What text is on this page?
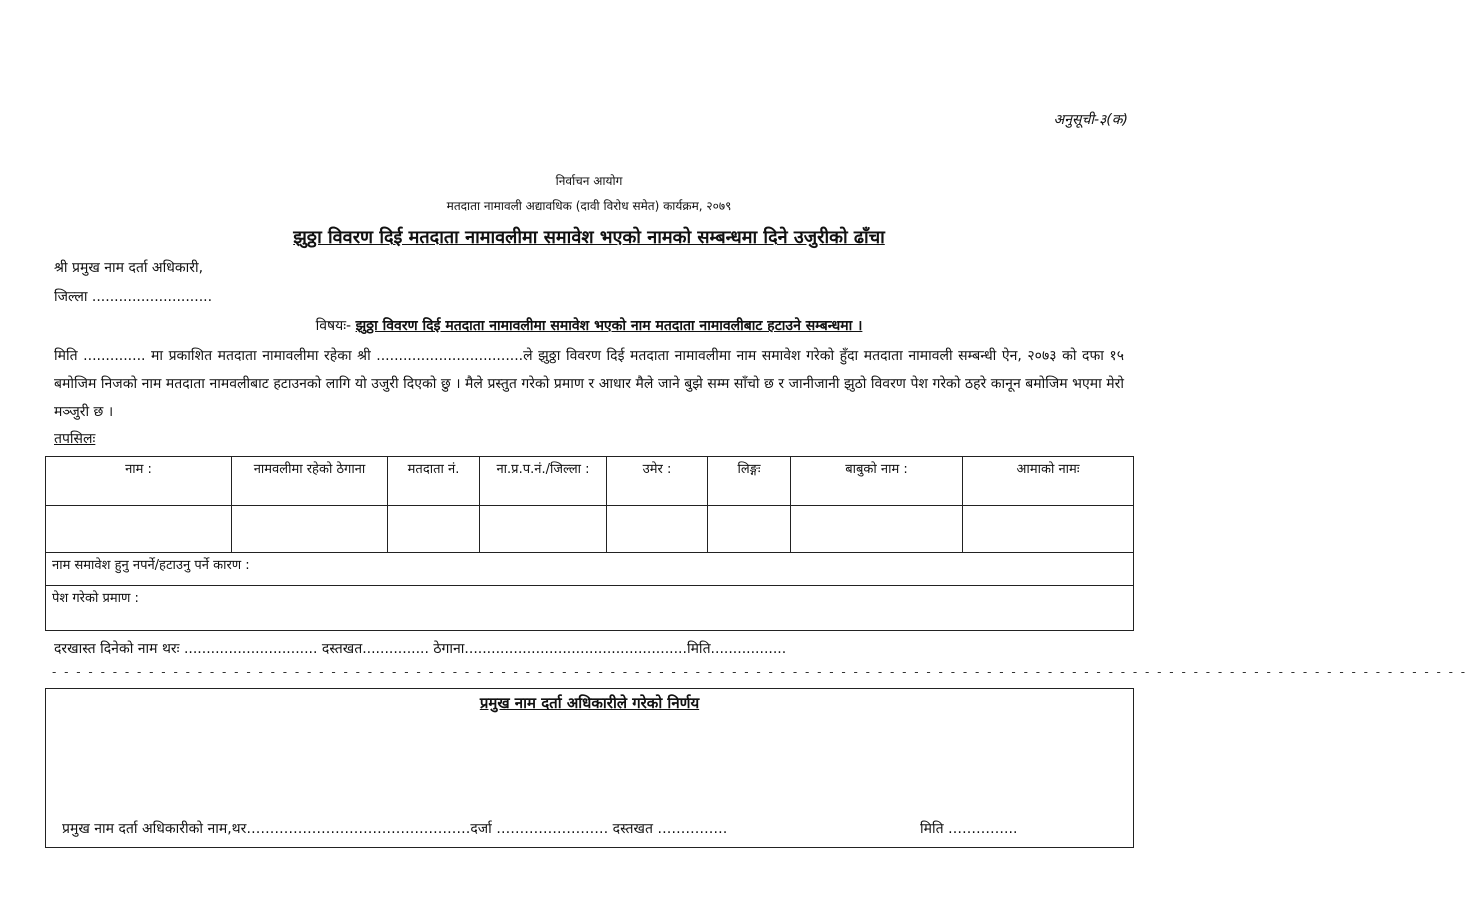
अनुसूची-३(क)
निर्वाचन आयोग
मतदाता नामावली अद्यावधिक (दावी विरोध समेत) कार्यक्रम, २०७९
झुठ्ठा विवरण दिई मतदाता नामावलीमा समावेश भएको नामको सम्बन्धमा दिने उजुरीको ढाँचा
श्री प्रमुख नाम दर्ता अधिकारी,
जिल्ला ...........................
विषयः- झुठ्ठा विवरण दिई मतदाता नामावलीमा समावेश भएको नाम मतदाता नामावलीबाट हटाउने सम्बन्धमा ।
मिति .............. मा प्रकाशित मतदाता नामावलीमा रहेका श्री .................................ले झुठ्ठा विवरण दिई मतदाता नामावलीमा नाम समावेश गरेको हुँदा मतदाता नामावली सम्बन्धी ऐन, २०७३ को दफा १५ बमोजिम निजको नाम मतदाता नामवलीबाट हटाउनको लागि यो उजुरी दिएको छु । मैले प्रस्तुत गरेको प्रमाण र आधार मैले जाने बुझे सम्म साँचो छ र जानीजानी झुठो विवरण पेश गरेको ठहरे कानून बमोजिम भएमा मेरो मञ्जुरी छ ।
तपसिलः
नाम :	नामवलीमा रहेको ठेगाना	मतदाता नं.	ना.प्र.प.नं./जिल्ला :	उमेर :	लिङ्गः	बाबुको नाम :	आमाको नामः

नाम समावेश हुनु नपर्ने/हटाउनु पर्ने कारण :							
पेश गरेको प्रमाण :							
दरखास्त दिनेको नाम थरः .............................. दस्तखत............... ठेगाना..................................................मिति.................
- - - - - - - - - - - - - - - - - - - - - - - - - - - - - - - - - - - - - - - - - - - - - - - - - - - - - - - - - - - - - - - - - - - - - - - - - - - - - - - - - - - - - - - - - - - - - - - - - - - - - - - - - - - - - - - - - - - - -
प्रमुख नाम दर्ता अधिकारीले गरेको निर्णय
प्रमुख नाम दर्ता अधिकारीको नाम,थर…………………………………………दर्जा …………………… दस्तखत ……………	मिति …………...
